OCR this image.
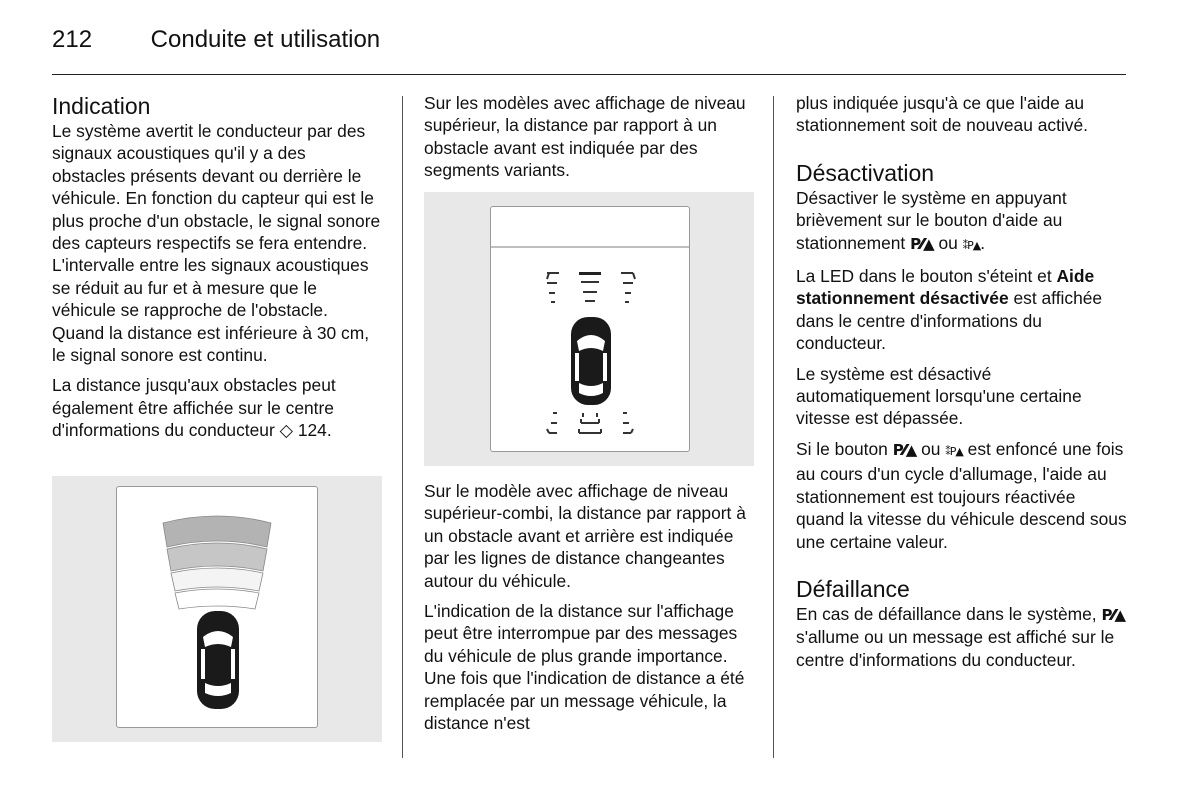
212 Conduite et utilisation
Indication

Le système avertit le conducteur par des signaux acoustiques qu'il y a des obstacles présents devant ou derrière le véhicule. En fonction du capteur qui est le plus proche d'un obstacle, le signal sonore des capteurs respectifs se fera entendre. L'intervalle entre les signaux acoustiques se réduit au fur et à mesure que le véhicule se rapproche de l'obstacle. Quand la distance est inférieure à 30 cm, le signal sonore est continu.

La distance jusqu'aux obstacles peut également être affichée sur le centre d'informations du conducteur ◇ 124.

Sur les modèles avec affichage de niveau supérieur, la distance par rapport à un obstacle avant est indiquée par des segments variants.

Sur le modèle avec affichage de niveau supérieur-combi, la distance par rapport à un obstacle avant et arrière est indiquée par les lignes de distance changeantes autour du véhicule.

L'indication de la distance sur l'affichage peut être interrompue par des messages du véhicule de plus grande importance. Une fois que l'indication de distance a été remplacée par un message véhicule, la distance n'est

plus indiquée jusqu'à ce que l'aide au stationnement soit de nouveau activé.

Désactivation

Désactiver le système en appuyant brièvement sur le bouton d'aide au stationnement P⁄⁄▲ ou ⁑P▲.

La LED dans le bouton s'éteint et Aide stationnement désactivée est affichée dans le centre d'informations du conducteur.

Le système est désactivé automatiquement lorsqu'une certaine vitesse est dépassée.

Si le bouton P⁄⁄▲ ou ⁑P▲ est enfoncé une fois au cours d'un cycle d'allumage, l'aide au stationnement est toujours réactivée quand la vitesse du véhicule descend sous une certaine valeur.

Défaillance

En cas de défaillance dans le système, P⁄⁄▲ s'allume ou un message est affiché sur le centre d'informations du conducteur.
